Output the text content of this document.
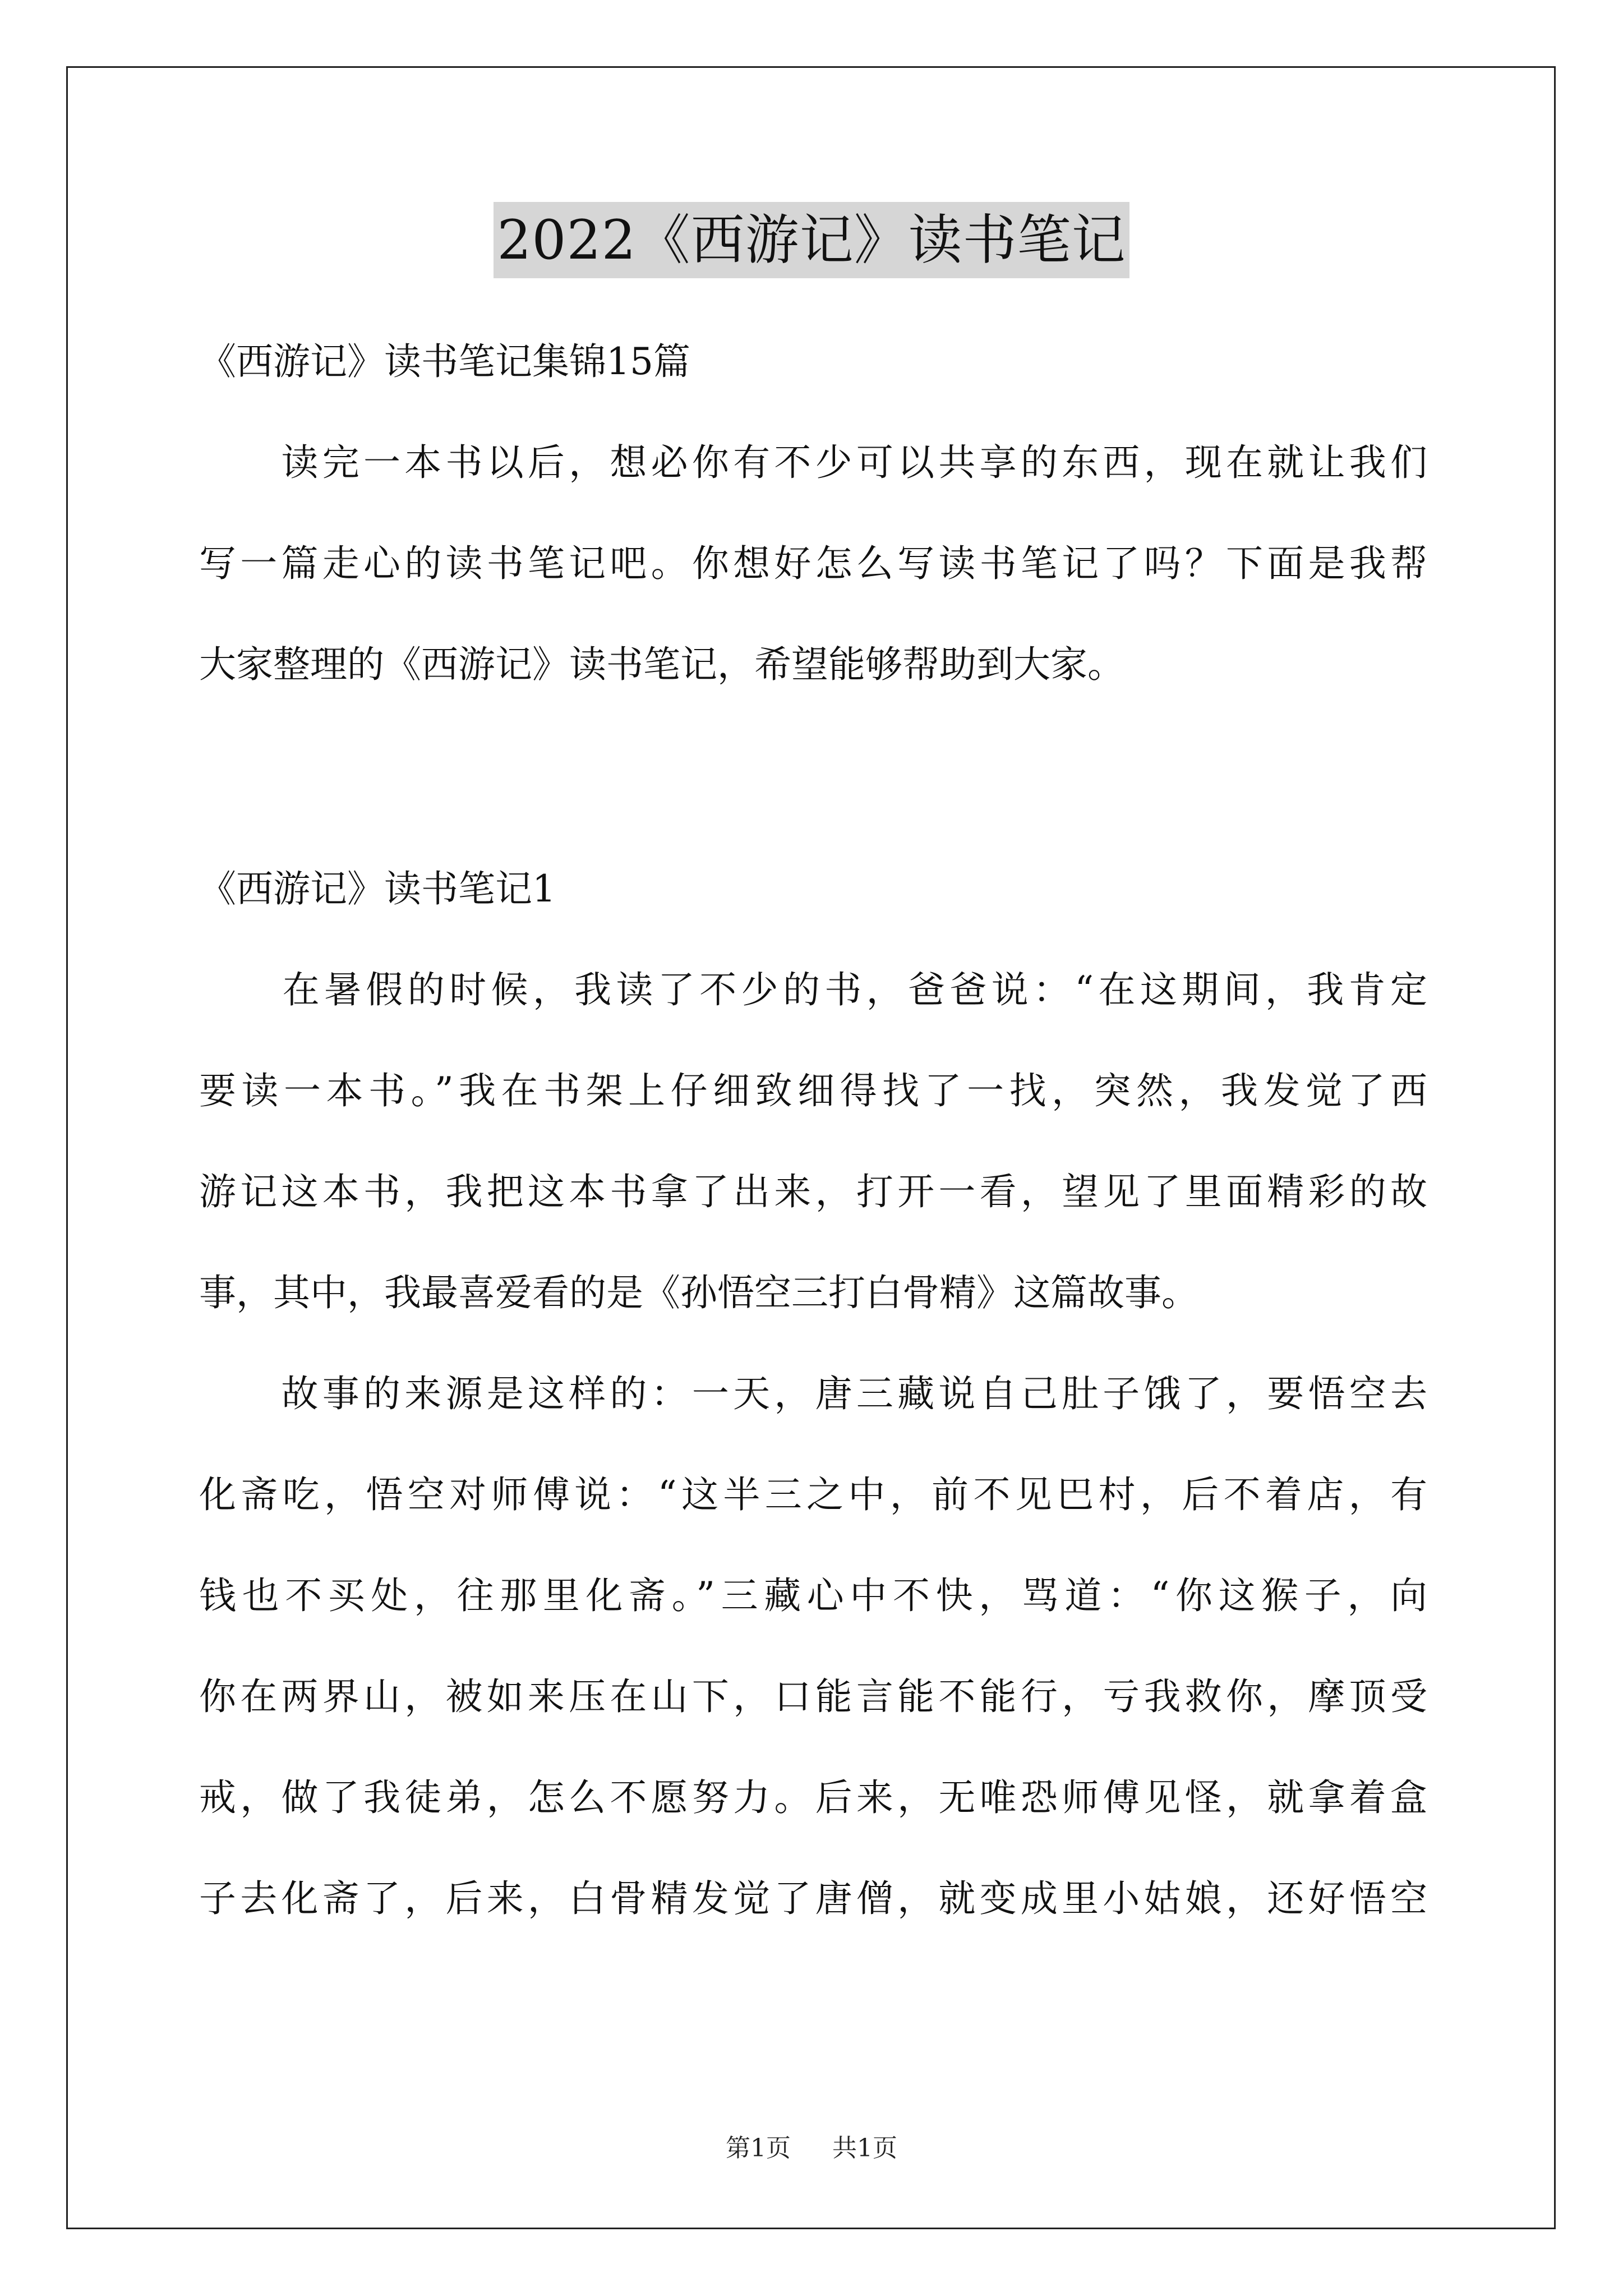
2022《西游记》读书笔记
《西游记》读书笔记集锦15篇
　　读完一本书以后，想必你有不少可以共享的东西，现在就让我们
写一篇走心的读书笔记吧。你想好怎么写读书笔记了吗？下面是我帮
大家整理的《西游记》读书笔记，希望能够帮助到大家。
《西游记》读书笔记1
　　在暑假的时候，我读了不少的书，爸爸说：“在这期间，我肯定
要读一本书。”我在书架上仔细致细得找了一找，突然，我发觉了西
游记这本书，我把这本书拿了出来，打开一看，望见了里面精彩的故
事，其中，我最喜爱看的是《孙悟空三打白骨精》这篇故事。
　　故事的来源是这样的：一天，唐三藏说自己肚子饿了，要悟空去
化斋吃，悟空对师傅说：“这半三之中，前不见巴村，后不着店，有
钱也不买处，往那里化斋。”三藏心中不快，骂道：“你这猴子，向
你在两界山，被如来压在山下，口能言能不能行，亏我救你，摩顶受
戒，做了我徒弟，怎么不愿努力。后来，无唯恐师傅见怪，就拿着盒
子去化斋了，后来，白骨精发觉了唐僧，就变成里小姑娘，还好悟空
第1页 共1页
